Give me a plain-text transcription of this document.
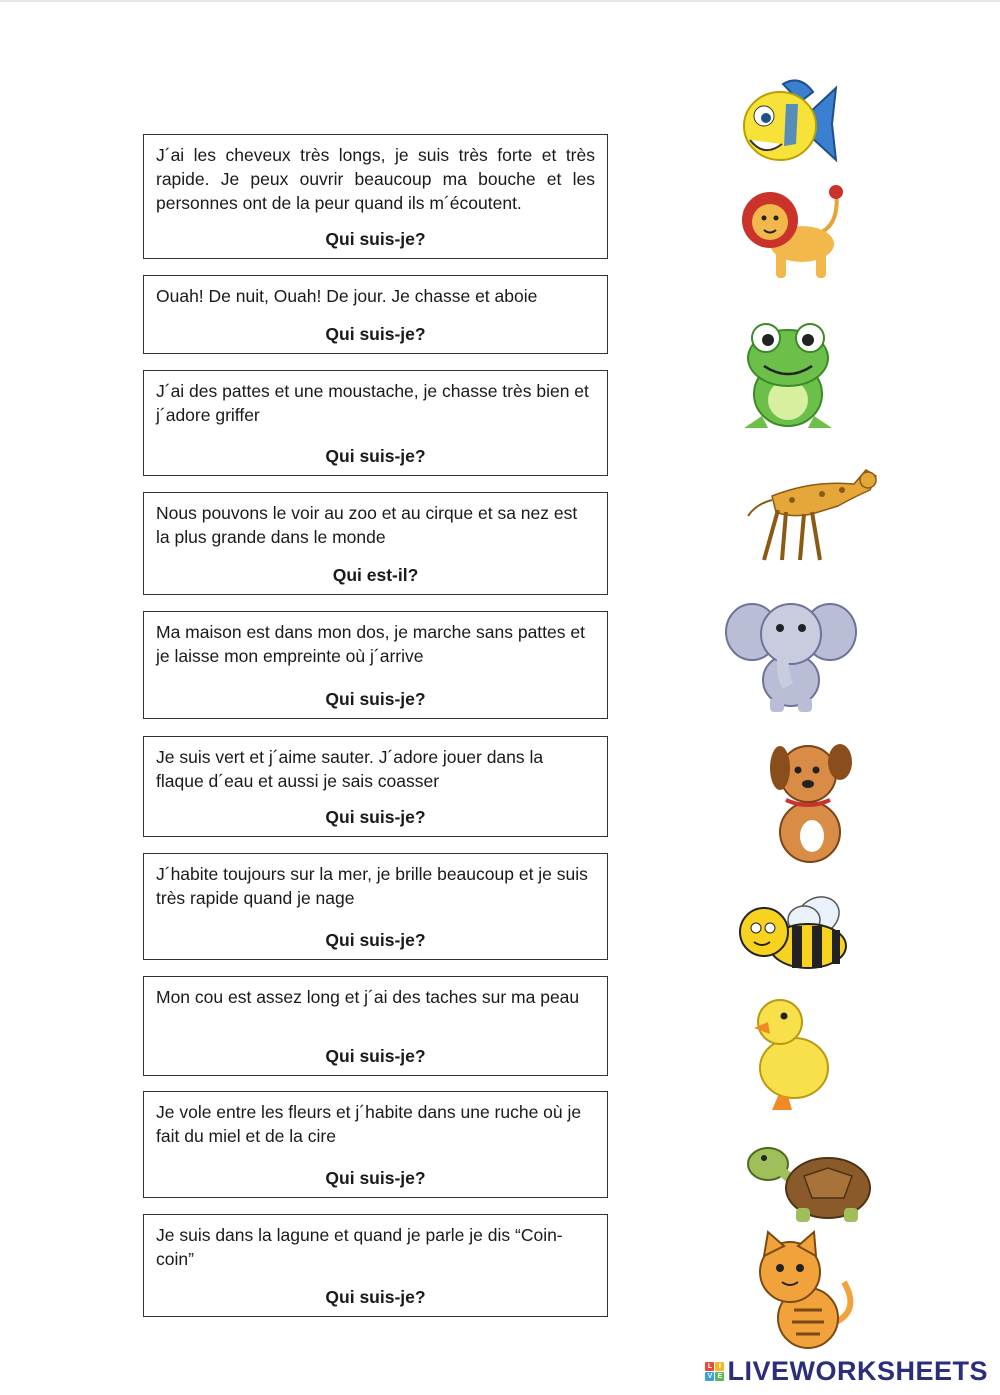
J´ai les cheveux très longs, je suis très forte et très rapide. Je peux ouvrir beaucoup ma bouche et les personnes ont de la peur quand ils m´écoutent.

Qui suis-je?

Ouah! De nuit, Ouah! De jour. Je chasse et aboie

Qui suis-je?

J´ai des pattes et une moustache, je chasse très bien et j´adore griffer

Qui suis-je?

Nous pouvons le voir au zoo et au cirque et sa nez est la plus grande dans le monde

Qui est-il?

Ma maison est dans mon dos, je marche sans pattes et je laisse mon empreinte où j´arrive

Qui suis-je?

Je suis vert et j´aime sauter. J´adore jouer dans la flaque d´eau et aussi je sais coasser

Qui suis-je?

J´habite toujours sur la mer, je brille beaucoup et je suis très rapide quand je nage

Qui suis-je?

Mon cou est assez long et j´ai des taches sur ma peau

Qui suis-je?

Je vole entre les fleurs et j´habite dans une ruche où je fait du miel et de la cire

Qui suis-je?

Je suis dans la lagune et quand je parle je dis “Coin-coin”

Qui suis-je?
L I
V E LIVEWORKSHEETS
